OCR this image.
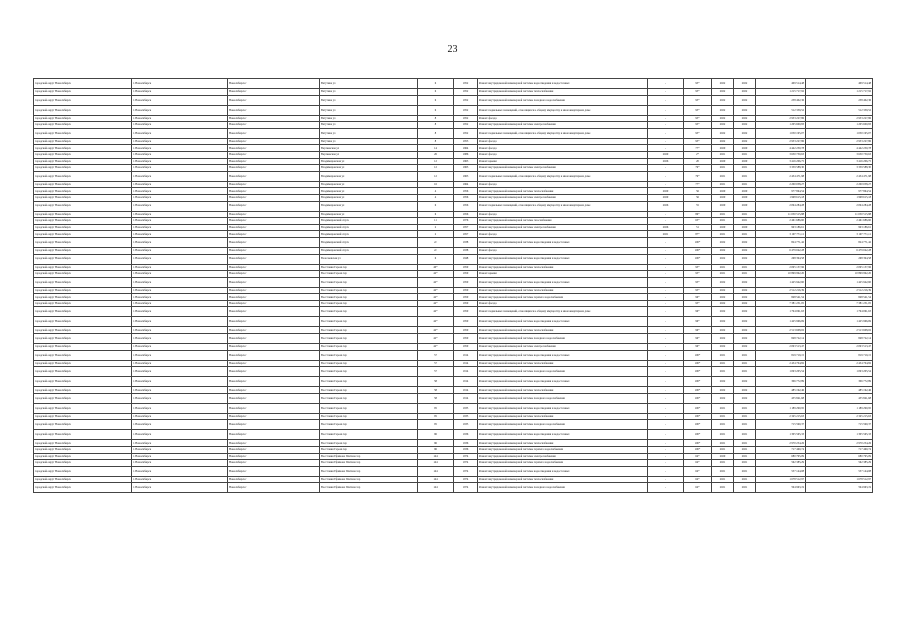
23
городской округ Новосибирск	г. Новосибирск	Новосибирск г	Ватутина ул	6	1952	Ремонт внутридомовой инженерной системы водоотведения и водосточных	-	93*	2022	2022	409 514,48	409 514,48
городской округ Новосибирск	г. Новосибирск	Новосибирск г	Ватутина ул	6	1952	Ремонт внутридомовой инженерной системы теплоснабжения	-	93*	2022	2022	1 215 717,92	1 215 717,92
городской округ Новосибирск	г. Новосибирск	Новосибирск г	Ватутина ул	6	1952	Ремонт внутридомовой инженерной системы холодного водоснабжения	-	93*	2022	2022	238 402,36	238 402,36
городской округ Новосибирск	г. Новосибирск	Новосибирск г	Ватутина ул	6	1952	Ремонт подвальных помещений, относящихся к общему имуществу в многоквартирном доме	-	93*	2022	2022	512 339,52	512 339,52
городской округ Новосибирск	г. Новосибирск	Новосибирск г	Ватутина ул	8	1952	Ремонт фасада	-	93*	2022	2022	2 953 227,86	2 953 227,86
городской округ Новосибирск	г. Новосибирск	Новосибирск г	Ватутина ул	8	1952	Ремонт внутридомовой инженерной системы электроснабжения	-	93*	2022	2022	1 205 600,83	1 205 600,83
городской округ Новосибирск	г. Новосибирск	Новосибирск г	Ватутина ул	8	1952	Ремонт подвальных помещений, относящихся к общему имуществу в многоквартирном доме	-	93*	2022	2022	1 050 195,07	1 050 195,07
городской округ Новосибирск	г. Новосибирск	Новосибирск г	Ватутина ул	8	1953	Ремонт фасада	-	93*	2022	2022	2 953 227,86	2 953 227,86
городской округ Новосибирск	г. Новосибирск	Новосибирск г	Вертковская ул	14	1964	Ремонт фасада	-	77*	2020	2020	4 442 230,78	4 442 230,78
городской округ Новосибирск	г. Новосибирск	Новосибирск г	Вертковская ул	26	1986	Ремонт фасада	2020	2*	2021	2021	3 630 730,63	3 630 730,63
городской округ Новосибирск	г. Новосибирск	Новосибирск г	Владимировская ул	12	1963	Ремонт крыши	2026	20	2020	2020	3 416 206,75	3 416 206,75
городской округ Новосибирск	г. Новосибирск	Новосибирск г	Владимировская ул	12	1963	Ремонт внутридомовой инженерной системы электроснабжения	-	79*	2021	2021	3 359 588,30	3 359 588,30
городской округ Новосибирск	г. Новосибирск	Новосибирск г	Владимировская ул	12	1963	Ремонт подвальных помещений, относящихся к общему имуществу в многоквартирном доме	-	79*	2021	2021	2 454 471,98	2 454 471,98
городской округ Новосибирск	г. Новосибирск	Новосибирск г	Владимировская ул	16	1964	Ремонт фасада	-	77*	2021	2021	2 200 058,27	2 200 058,27
городской округ Новосибирск	г. Новосибирск	Новосибирск г	Владимировская ул	4	1956	Ремонт внутридомовой инженерной системы теплоснабжения	2020	56	2020	2020	977 864,54	977 864,54
городской округ Новосибирск	г. Новосибирск	Новосибирск г	Владимировская ул	4	1956	Ремонт внутридомовой инженерной системы электроснабжения	2020	56	2020	2020	1 998 615,18	1 998 615,18
городской округ Новосибирск	г. Новосибирск	Новосибирск г	Владимировская ул	6	1956	Ремонт подвальных помещений, относящихся к общему имуществу в многоквартирном доме	2026	55	2020	2020	2 094 284,28	2 094 284,28
городской округ Новосибирск	г. Новосибирск	Новосибирск г	Владимировская ул	6	1956	Ремонт фасада	-	86*	2021	2021	11 050 515,88	11 050 515,88
городской округ Новосибирск	г. Новосибирск	Новосибирск г	Владимировский спуск	11	1976	Ремонт внутридомовой инженерной системы газоснабжения	-	65*	2021	2021	2 461 686,60	2 461 686,60
городской округ Новосибирск	г. Новосибирск	Новосибирск г	Владимировский спуск	2	1957	Ремонт внутридомовой инженерной системы электроснабжения	2026	51	2020	2020	993 186,61	993 186,61
городской округ Новосибирск	г. Новосибирск	Новосибирск г	Владимировский спуск	2	1957	Ремонт фасада	2021	87*	2021	2021	3 197 771,11	3 197 771,11
городской округ Новосибирск	г. Новосибирск	Новосибирск г	Владимировский спуск	2с	1938	Ремонт внутридомовой инженерной системы водоотведения и водосточных	-	100*	2022	2022	824 771,42	824 771,42
городской округ Новосибирск	г. Новосибирск	Новосибирск г	Владимировский спуск	2с	1938	Ремонт фасада	-	100*	2022	2022	6 479 042,28	6 479 042,28
городской округ Новосибирск	г. Новосибирск	Новосибирск г	Волочаевская ул	6	1948	Ремонт внутридомовой инженерной системы водоотведения и водосточных	-	100*	2022	2022	268 394,58	268 394,58
городской округ Новосибирск	г. Новосибирск	Новосибирск г	Восстания Героев тер	40*	1950	Ремонт внутридомовой инженерной системы теплоснабжения	-	93*	2021	2021	2 095 137,96	2 095 137,96
городской округ Новосибирск	г. Новосибирск	Новосибирск г	Восстания Героев тер	42*	1950	Ремонт крыши	-	95*	2021	2021	10 899 992,20	10 899 992,20
городской округ Новосибирск	г. Новосибирск	Новосибирск г	Восстания Героев тер	42*	1950	Ремонт внутридомовой инженерной системы водоотведения и водосточных	-	95*	2022	2022	1 425 942,60	1 425 942,60
городской округ Новосибирск	г. Новосибирск	Новосибирск г	Восстания Героев тер	42*	1950	Ремонт внутридомовой инженерной системы теплоснабжения	-	95*	2022	2022	2 512 216,39	2 512 216,39
городской округ Новосибирск	г. Новосибирск	Новосибирск г	Восстания Героев тер	42*	1950	Ремонт внутридомовой инженерной системы горячего водоснабжения	-	96*	2022	2022	848 541,54	848 541,54
городской округ Новосибирск	г. Новосибирск	Новосибирск г	Восстания Героев тер	42*	1950	Ремонт фасада	-	95*	2022	2022	7 381 231,05	7 381 231,05
городской округ Новосибирск	г. Новосибирск	Новосибирск г	Восстания Героев тер	42*	1950	Ремонт подвальных помещений, относящихся к общему имуществу в многоквартирном доме	-	96*	2022	2022	1 794 061,63	1 794 061,63
городской округ Новосибирск	г. Новосибирск	Новосибирск г	Восстания Героев тер	42*	1950	Ремонт внутридомовой инженерной системы водоотведения и водосточных	-	96*	2022	2022	1 425 966,69	1 425 966,69
городской округ Новосибирск	г. Новосибирск	Новосибирск г	Восстания Героев тер	42*	1950	Ремонт внутридомовой инженерной системы теплоснабжения	-	96*	2022	2022	2 513 608,02	2 513 608,02
городской округ Новосибирск	г. Новосибирск	Новосибирск г	Восстания Героев тер	42*	1950	Ремонт внутридомовой инженерной системы холодного водоснабжения	-	96*	2022	2022	848 722,14	848 722,14
городской округ Новосибирск	г. Новосибирск	Новосибирск г	Восстания Героев тер	42*	1950	Ремонт внутридомовой инженерной системы электроснабжения	-	96*	2022	2022	2 093 513,47	2 093 513,47
городской округ Новосибирск	г. Новосибирск	Новосибирск г	Восстания Героев тер	57	1914	Ремонт внутридомовой инженерной системы водоотведения и водосточных	-	100*	2021	2021	819 719,15	819 719,15
городской округ Новосибирск	г. Новосибирск	Новосибирск г	Восстания Героев тер	57	1914	Ремонт внутридомовой инженерной системы теплоснабжения	-	100*	2021	2021	2 454 704,82	2 454 704,82
городской округ Новосибирск	г. Новосибирск	Новосибирск г	Восстания Героев тер	57	1914	Ремонт внутридомовой инженерной системы холодного водоснабжения	-	100*	2021	2021	1 093 205,54	1 093 205,54
городской округ Новосибирск	г. Новосибирск	Новосибирск г	Восстания Героев тер	58	1914	Ремонт внутридомовой инженерной системы водоотведения и водосточных	-	100*	2022	2022	306 772,89	306 772,89
городской округ Новосибирск	г. Новосибирск	Новосибирск г	Восстания Героев тер	58	1914	Ремонт внутридомовой инженерной системы теплоснабжения	-	100*	2022	2022	485 192,46	485 192,46
городской округ Новосибирск	г. Новосибирск	Новосибирск г	Восстания Героев тер	58	1914	Ремонт внутридомовой инженерной системы холодного водоснабжения	-	100*	2022	2022	455 841,68	455 841,68
городской округ Новосибирск	г. Новосибирск	Новосибирск г	Восстания Героев тер	95	1935	Ремонт внутридомовой инженерной системы водоотведения и водосточных	-	100*	2021	2021	1 189 290,95	1 189 290,95
городской округ Новосибирск	г. Новосибирск	Новосибирск г	Восстания Героев тер	95	1935	Ремонт внутридомовой инженерной системы теплоснабжения	-	100*	2021	2021	2 345 215,63	2 345 215,63
городской округ Новосибирск	г. Новосибирск	Новосибирск г	Восстания Героев тер	95	1935	Ремонт внутридомовой инженерной системы холодного водоснабжения	-	100*	2021	2021	715 590,37	715 590,37
городской округ Новосибирск	г. Новосибирск	Новосибирск г	Восстания Героев тер	96	1936	Ремонт внутридомовой инженерной системы водоотведения и водосточных	-	100*	2021	2021	1 305 565,33	1 305 565,33
городской округ Новосибирск	г. Новосибирск	Новосибирск г	Восстания Героев тер	96	1936	Ремонт внутридомовой инженерной системы теплоснабжения	-	100*	2021	2021	2 970 254,26	2 970 254,26
городской округ Новосибирск	г. Новосибирск	Новосибирск г	Восстания Героев тер	96	1936	Ремонт внутридомовой инженерной системы горячего водоснабжения	-	100*	2021	2021	717 460,74	717 460,74
городской округ Новосибирск	г. Новосибирск	Новосибирск г	Восстания Ефимова Плитова тер	144	1974	Ремонт внутридомовой инженерной системы электроснабжения	-	64*	2020	2021	680 795,09	680 795,09
городской округ Новосибирск	г. Новосибирск	Новосибирск г	Восстания Ефимова Плитова тер	144	1974	Ремонт внутридомовой инженерной системы горячего водоснабжения	-	64*	2021	2021	562 385,29	562 385,29
городской округ Новосибирск	г. Новосибирск	Новосибирск г	Восстания Ефимова Плитова тер	144	1974	Ремонт внутридомовой инженерной системы водоотведения и водосточных	-	64*	2021	2021	557 144,08	557 144,08
городской округ Новосибирск	г. Новосибирск	Новосибирск г	Восстания Ефимова Плитова тер	144	1974	Ремонт внутридомовой инженерной системы теплоснабжения	-	64*	2021	2021	1 678 512,97	1 678 512,97
городской округ Новосибирск	г. Новосибирск	Новосибирск г	Восстания Ефимова Плитова тер	144	1974	Ремонт внутридомовой инженерной системы холодного водоснабжения	-	64*	2021	2021	594 963,19	594 963,19
